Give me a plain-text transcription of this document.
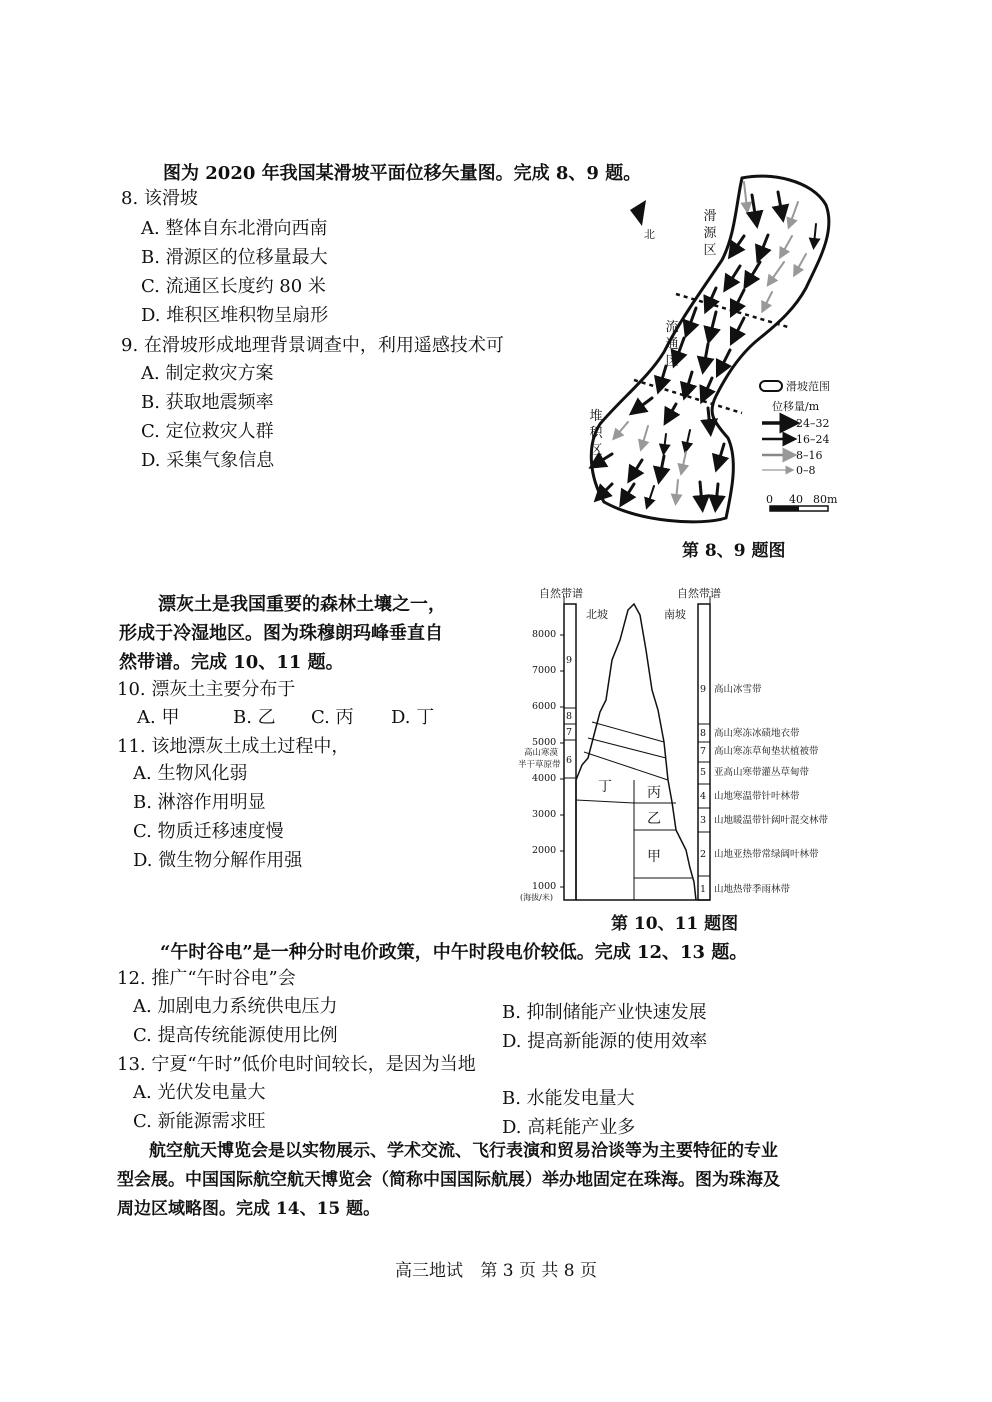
图为 2020 年我国某滑坡平面位移矢量图。完成 8、9 题。
8. 该滑坡
A. 整体自东北滑向西南
B. 滑源区的位移量最大
C. 流通区长度约 80 米
D. 堆积区堆积物呈扇形
9. 在滑坡形成地理背景调查中，利用遥感技术可
A. 制定救灾方案
B. 获取地震频率
C. 定位救灾人群
D. 采集气象信息
北
滑源区
流通区
堆积区
滑坡范围
位移量/m
24–32
16–24
8–16
0–8
0 40 80m
第 8、9 题图
漂灰土是我国重要的森林土壤之一，
形成于冷湿地区。图为珠穆朗玛峰垂直自
然带谱。完成 10、11 题。
10. 漂灰土主要分布于
A. 甲	B. 乙 C. 丙 D. 丁
11. 该地漂灰土成土过程中，
A. 生物风化弱
B. 淋溶作用明显
C. 物质迁移速度慢
D. 微生物分解作用强
自然带谱	自然带谱
北坡	南坡
8000
7000
6000
5000
4000
3000
2000
1000
(海拔/米)
高山寒漠
半干草原带
9
8
7
6
丁	丙
乙
甲
9 高山冰雪带
8 高山寒冻冰碛地衣带
7 高山寒冻草甸垫状植被带
5 亚高山寒带灌丛草甸带
4 山地寒温带针叶林带
3 山地暖温带针阔叶混交林带
2 山地亚热带常绿阔叶林带
1 山地热带季雨林带
第 10、11 题图
“午时谷电”是一种分时电价政策，中午时段电价较低。完成 12、13 题。
12. 推广“午时谷电”会
A. 加剧电力系统供电压力	B. 抑制储能产业快速发展
C. 提高传统能源使用比例	D. 提高新能源的使用效率
13. 宁夏“午时”低价电时间较长，是因为当地
A. 光伏发电量大	B. 水能发电量大
C. 新能源需求旺	D. 高耗能产业多
航空航天博览会是以实物展示、学术交流、飞行表演和贸易洽谈等为主要特征的专业
型会展。中国国际航空航天博览会（简称中国国际航展）举办地固定在珠海。图为珠海及
周边区域略图。完成 14、15 题。
高三地试 第 3 页 共 8 页
